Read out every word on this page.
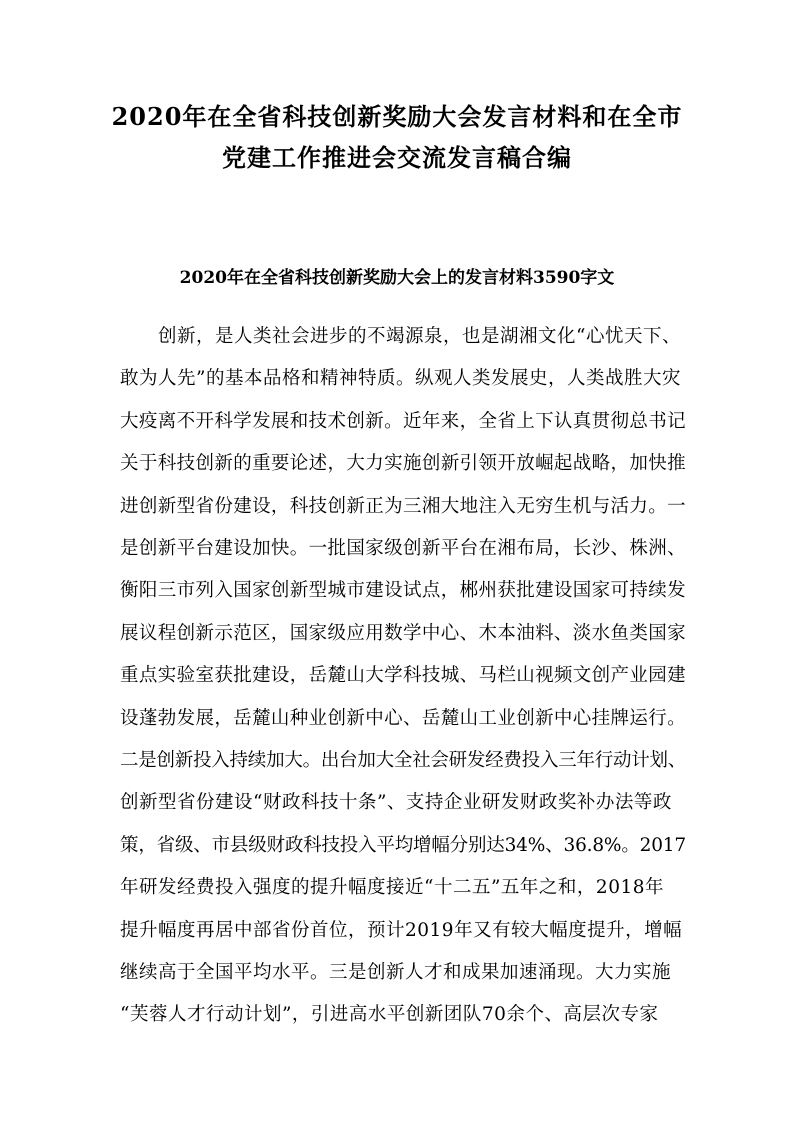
2020年在全省科技创新奖励大会发言材料和在全市
党建工作推进会交流发言稿合编
2020年在全省科技创新奖励大会上的发言材料3590字文
创新，是人类社会进步的不竭源泉，也是湖湘文化“心忧天下、
敢为人先”的基本品格和精神特质。纵观人类发展史，人类战胜大灾
大疫离不开科学发展和技术创新。近年来，全省上下认真贯彻总书记
关于科技创新的重要论述，大力实施创新引领开放崛起战略，加快推
进创新型省份建设，科技创新正为三湘大地注入无穷生机与活力。一
是创新平台建设加快。一批国家级创新平台在湘布局，长沙、株洲、
衡阳三市列入国家创新型城市建设试点，郴州获批建设国家可持续发
展议程创新示范区，国家级应用数学中心、木本油料、淡水鱼类国家
重点实验室获批建设，岳麓山大学科技城、马栏山视频文创产业园建
设蓬勃发展，岳麓山种业创新中心、岳麓山工业创新中心挂牌运行。
二是创新投入持续加大。出台加大全社会研发经费投入三年行动计划、
创新型省份建设“财政科技十条”、支持企业研发财政奖补办法等政
策，省级、市县级财政科技投入平均增幅分别达34%、36.8%。2017
年研发经费投入强度的提升幅度接近“十二五”五年之和，2018年
提升幅度再居中部省份首位，预计2019年又有较大幅度提升，增幅
继续高于全国平均水平。三是创新人才和成果加速涌现。大力实施
“芙蓉人才行动计划”，引进高水平创新团队70余个、高层次专家
